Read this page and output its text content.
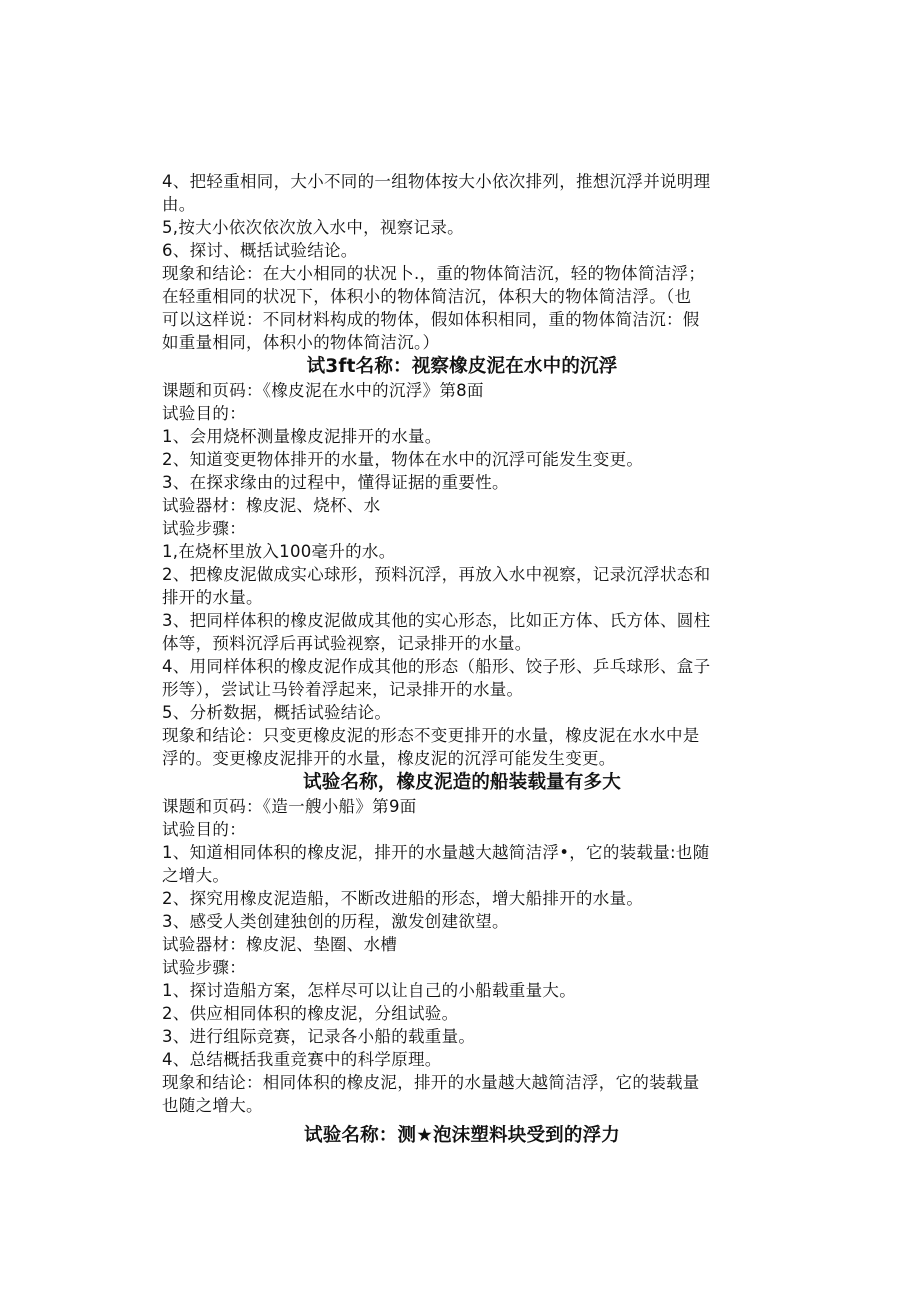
4、把轻重相同，大小不同的一组物体按大小依次排列，推想沉浮并说明理
由。
5,按大小依次依次放入水中，视察记录。
6、探讨、概括试验结论。
现象和结论：在大小相同的状况卜.，重的物体简洁沉，轻的物体简洁浮；
在轻重相同的状况下，体积小的物体简洁沉，体积大的物体简洁浮。（也
可以这样说：不同材料构成的物体，假如体积相同，重的物体简洁沉：假
如重量相同，体积小的物体简洁沉。）
试3ft名称：视察橡皮泥在水中的沉浮
课题和页码：《橡皮泥在水中的沉浮》第8面
试验目的：
1、会用烧杯测量橡皮泥排开的水量。
2、知道变更物体排开的水量，物体在水中的沉浮可能发生变更。
3、在探求缘由的过程中，懂得证据的重要性。
试验器材：橡皮泥、烧杯、水
试验步骤：
1,在烧杯里放入100毫升的水。
2、把橡皮泥做成实心球形，预料沉浮，再放入水中视察，记录沉浮状态和
排开的水量。
3、把同样体积的橡皮泥做成其他的实心形态，比如正方体、氏方体、圆柱
体等，预料沉浮后再试验视察，记录排开的水量。
4、用同样体积的橡皮泥作成其他的形态（船形、饺子形、乒乓球形、盒子
形等），尝试让马铃着浮起来，记录排开的水量。
5、分析数据，概括试验结论。
现象和结论：只变更橡皮泥的形态不变更排开的水量，橡皮泥在水水中是
浮的。变更橡皮泥排开的水量，橡皮泥的沉浮可能发生变更。
试验名称，橡皮泥造的船装载量有多大
课题和页码：《造一艘小船》第9面
试验目的：
1、知道相同体积的橡皮泥，排开的水量越大越简洁浮•，它的装载量:也随
之增大。
2、探究用橡皮泥造船，不断改进船的形态，增大船排开的水量。
3、感受人类创建独创的历程，激发创建欲望。
试验器材：橡皮泥、垫圈、水槽
试验步骤：
1、探讨造船方案，怎样尽可以让自己的小船载重量大。
2、供应相同体积的橡皮泥，分组试验。
3、进行组际竞赛，记录各小船的载重量。
4、总结概括我重竞赛中的科学原理。
现象和结论：相同体积的橡皮泥，排开的水量越大越简洁浮，它的装载量
也随之增大。
试验名称：测★泡沫塑料块受到的浮力
